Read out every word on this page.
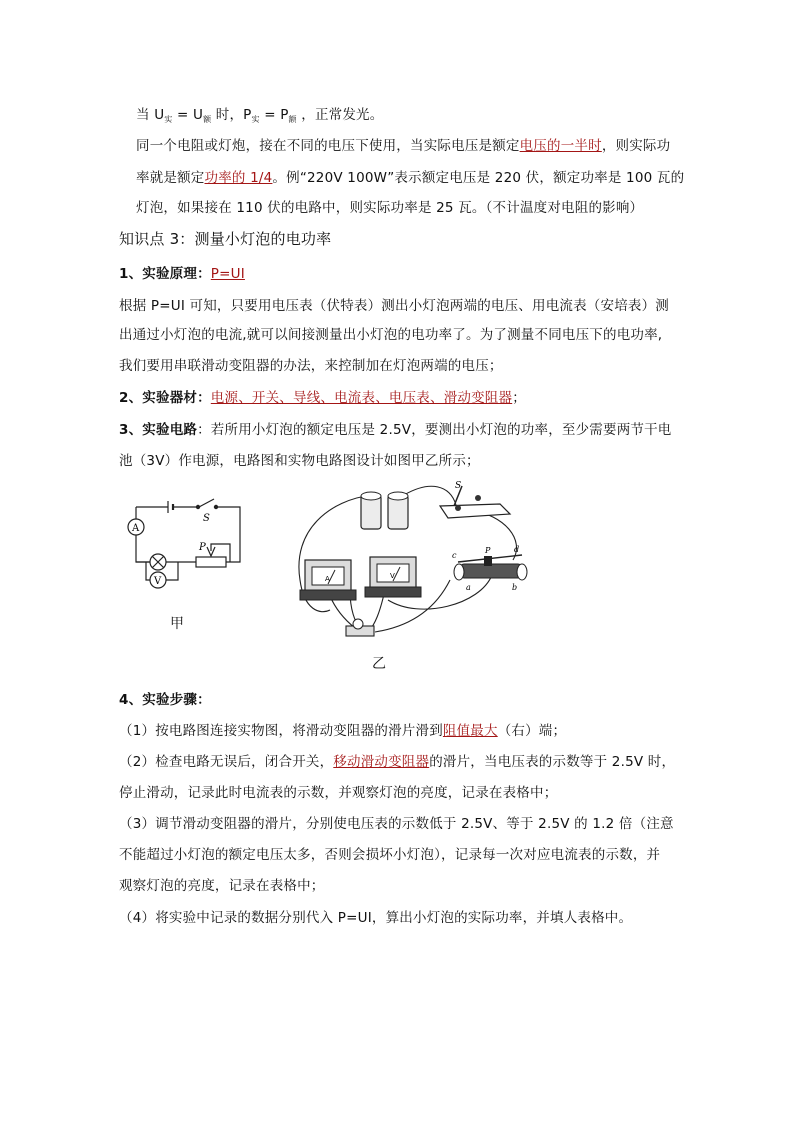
当 $U_实 = U_额$ 时，$P_实 = P_额$ ，正常发光。
同一个电阻或灯炮，接在不同的电压下使用，当实际电压是额定电压的一半时，则实际功
率就是额定功率的 1/4。例“220V 100W”表示额定电压是 220 伏，额定功率是 100 瓦的
灯泡，如果接在 110 伏的电路中，则实际功率是 25 瓦。（不计温度对电阻的影响）
知识点 3：测量小灯泡的电功率
1、实验原理：P=UI
根据 P=UI 可知，只要用电压表（伏特表）测出小灯泡两端的电压、用电流表（安培表）测
出通过小灯泡的电流,就可以间接测量出小灯泡的电功率了。为了测量不同电压下的电功率,
我们要用串联滑动变阻器的办法，来控制加在灯泡两端的电压；
2、实验器材：电源、开关、导线、电流表、电压表、滑动变阻器；
3、实验电路：若所用小灯泡的额定电压是 2.5V，要测出小灯泡的功率，至少需要两节干电
池（3V）作电源，电路图和实物电路图设计如图甲乙所示；
A
V
S
P
甲
S
A	V
c
P	d
a	b
乙
4、实验步骤：
（1）按电路图连接实物图，将滑动变阻器的滑片滑到阻值最大（右）端；
（2）检查电路无误后，闭合开关，移动滑动变阻器的滑片，当电压表的示数等于 2.5V 时，
停止滑动，记录此时电流表的示数，并观察灯泡的亮度，记录在表格中；
（3）调节滑动变阻器的滑片，分别使电压表的示数低于 2.5V、等于 2.5V 的 1.2 倍（注意
不能超过小灯泡的额定电压太多，否则会损坏小灯泡），记录每一次对应电流表的示数，并
观察灯泡的亮度，记录在表格中；
（4）将实验中记录的数据分别代入 P=UI，算出小灯泡的实际功率，并填人表格中。
